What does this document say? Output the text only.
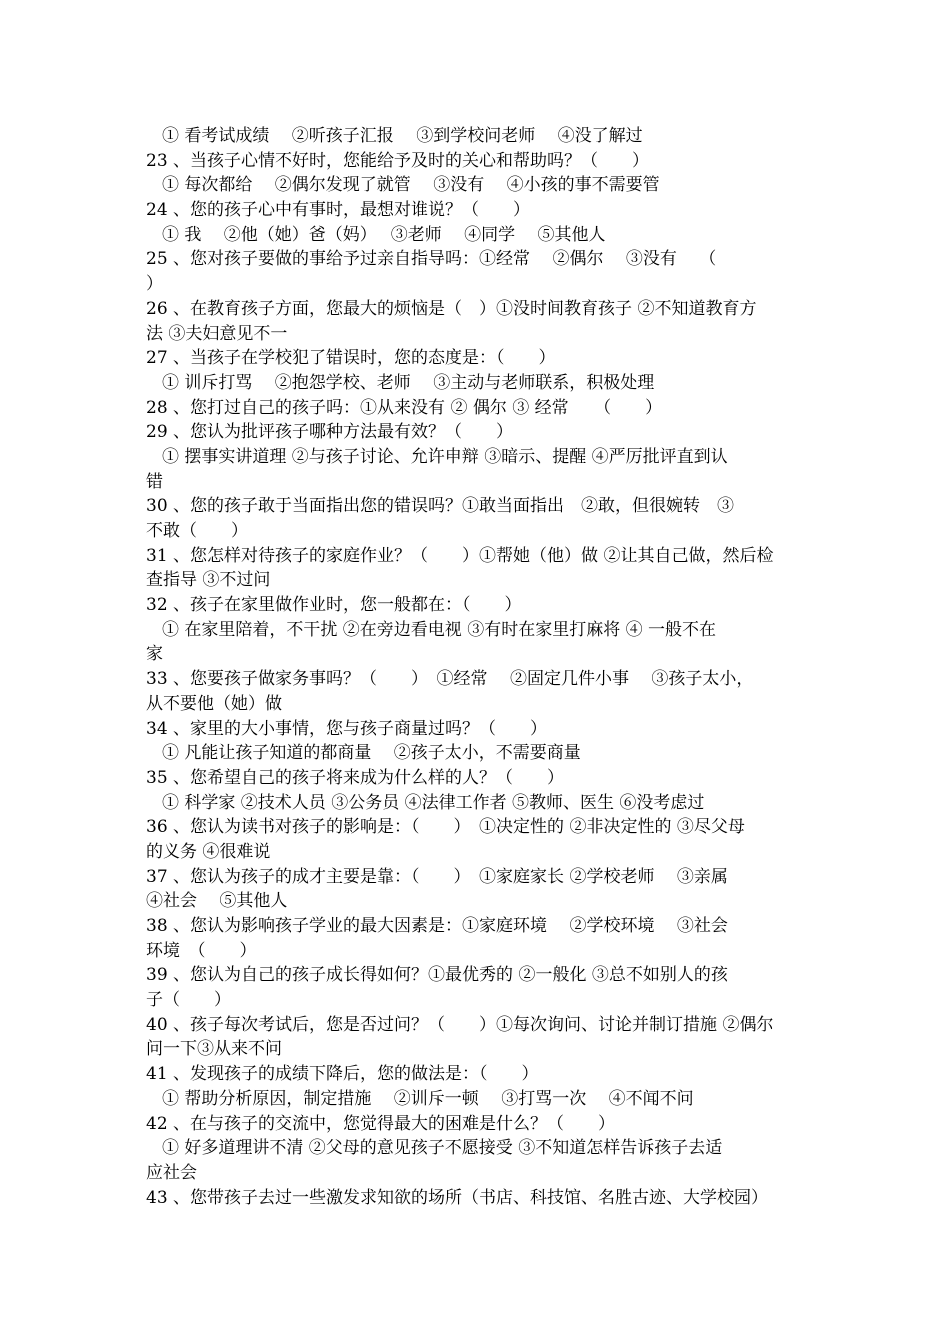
① 看考试成绩　 ②听孩子汇报　 ③到学校问老师　 ④没了解过
23 、当孩子心情不好时，您能给予及时的关心和帮助吗？（　　）
① 每次都给　 ②偶尔发现了就管　 ③没有　 ④小孩的事不需要管
24 、您的孩子心中有事时，最想对谁说？（　　）
① 我　 ②他（她）爸（妈）　 ③老师　 ④同学　 ⑤其他人
25 、您对孩子要做的事给予过亲自指导吗：①经常　 ②偶尔　 ③没有　 （
）
26 、在教育孩子方面，您最大的烦恼是（　）①没时间教育孩子 ②不知道教育方
法 ③夫妇意见不一
27 、当孩子在学校犯了错误时，您的态度是：（　　）
① 训斥打骂　 ②抱怨学校、老师　 ③主动与老师联系，积极处理
28 、您打过自己的孩子吗：①从来没有 ② 偶尔 ③ 经常　　（　　）
29 、您认为批评孩子哪种方法最有效？（　　）
① 摆事实讲道理 ②与孩子讨论、允许申辩 ③暗示、提醒 ④严厉批评直到认
错
30 、您的孩子敢于当面指出您的错误吗？①敢当面指出　②敢，但很婉转　③
不敢（　　）
31 、您怎样对待孩子的家庭作业？（　　）①帮她（他）做 ②让其自己做，然后检
查指导 ③不过问
32 、孩子在家里做作业时，您一般都在：（　　）
① 在家里陪着，不干扰 ②在旁边看电视 ③有时在家里打麻将 ④ 一般不在
家
33 、您要孩子做家务事吗？（　　）　①经常　 ②固定几件小事　 ③孩子太小，
从不要他（她）做
34 、家里的大小事情，您与孩子商量过吗？（　　）
① 凡能让孩子知道的都商量　 ②孩子太小，不需要商量
35 、您希望自己的孩子将来成为什么样的人？（　　）
① 科学家 ②技术人员 ③公务员 ④法律工作者 ⑤教师、医生 ⑥没考虑过
36 、您认为读书对孩子的影响是：（　　）　①决定性的 ②非决定性的 ③尽父母
的义务 ④很难说
37 、您认为孩子的成才主要是靠：（　　）　①家庭家长 ②学校老师　 ③亲属
④社会　 ⑤其他人
38 、您认为影响孩子学业的最大因素是：①家庭环境　 ②学校环境　 ③社会
环境　（　　）
39 、您认为自己的孩子成长得如何？①最优秀的 ②一般化 ③总不如别人的孩
子（　　）
40 、孩子每次考试后，您是否过问？（　　）①每次询问、讨论并制订措施 ②偶尔
问一下③从来不问
41 、发现孩子的成绩下降后，您的做法是：（　　）
① 帮助分析原因，制定措施　 ②训斥一顿　 ③打骂一次　 ④不闻不问
42 、在与孩子的交流中，您觉得最大的困难是什么？（　　）
① 好多道理讲不清 ②父母的意见孩子不愿接受 ③不知道怎样告诉孩子去适
应社会
43 、您带孩子去过一些激发求知欲的场所（书店、科技馆、名胜古迹、大学校园）
